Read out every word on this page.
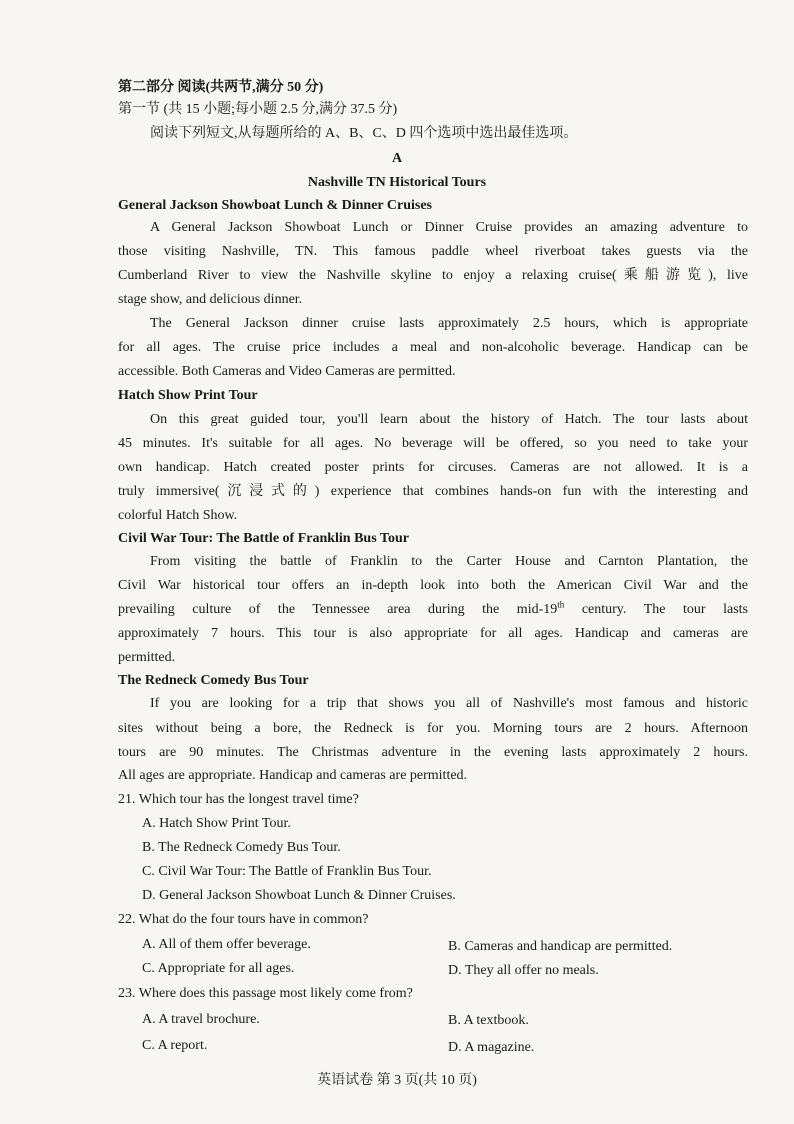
第二部分 阅读(共两节,满分 50 分)
第一节 (共 15 小题;每小题 2.5 分,满分 37.5 分)
阅读下列短文,从每题所给的 A、B、C、D 四个选项中选出最佳选项。
A
Nashville TN Historical Tours
General Jackson Showboat Lunch & Dinner Cruises
A General Jackson Showboat Lunch or Dinner Cruise provides an amazing adventure to
those visiting Nashville, TN. This famous paddle wheel riverboat takes guests via the
Cumberland River to view the Nashville skyline to enjoy a relaxing cruise(乘船游览), live
stage show, and delicious dinner.
The General Jackson dinner cruise lasts approximately 2.5 hours, which is appropriate
for all ages. The cruise price includes a meal and non-alcoholic beverage. Handicap can be
accessible. Both Cameras and Video Cameras are permitted.
Hatch Show Print Tour
On this great guided tour, you'll learn about the history of Hatch. The tour lasts about
45 minutes. It's suitable for all ages. No beverage will be offered, so you need to take your
own handicap. Hatch created poster prints for circuses. Cameras are not allowed. It is a
truly immersive(沉浸式的) experience that combines hands-on fun with the interesting and
colorful Hatch Show.
Civil War Tour: The Battle of Franklin Bus Tour
From visiting the battle of Franklin to the Carter House and Carnton Plantation, the
Civil War historical tour offers an in-depth look into both the American Civil War and the
prevailing culture of the Tennessee area during the mid-19th century. The tour lasts
approximately 7 hours. This tour is also appropriate for all ages. Handicap and cameras are
permitted.
The Redneck Comedy Bus Tour
If you are looking for a trip that shows you all of Nashville's most famous and historic
sites without being a bore, the Redneck is for you. Morning tours are 2 hours. Afternoon
tours are 90 minutes. The Christmas adventure in the evening lasts approximately 2 hours.
All ages are appropriate. Handicap and cameras are permitted.
21. Which tour has the longest travel time?
A. Hatch Show Print Tour.
B. The Redneck Comedy Bus Tour.
C. Civil War Tour: The Battle of Franklin Bus Tour.
D. General Jackson Showboat Lunch & Dinner Cruises.
22. What do the four tours have in common?
A. All of them offer beverage.	B. Cameras and handicap are permitted.
C. Appropriate for all ages.	D. They all offer no meals.
23. Where does this passage most likely come from?
A. A travel brochure.	B. A textbook.
C. A report.	D. A magazine.
英语试卷 第 3 页(共 10 页)
